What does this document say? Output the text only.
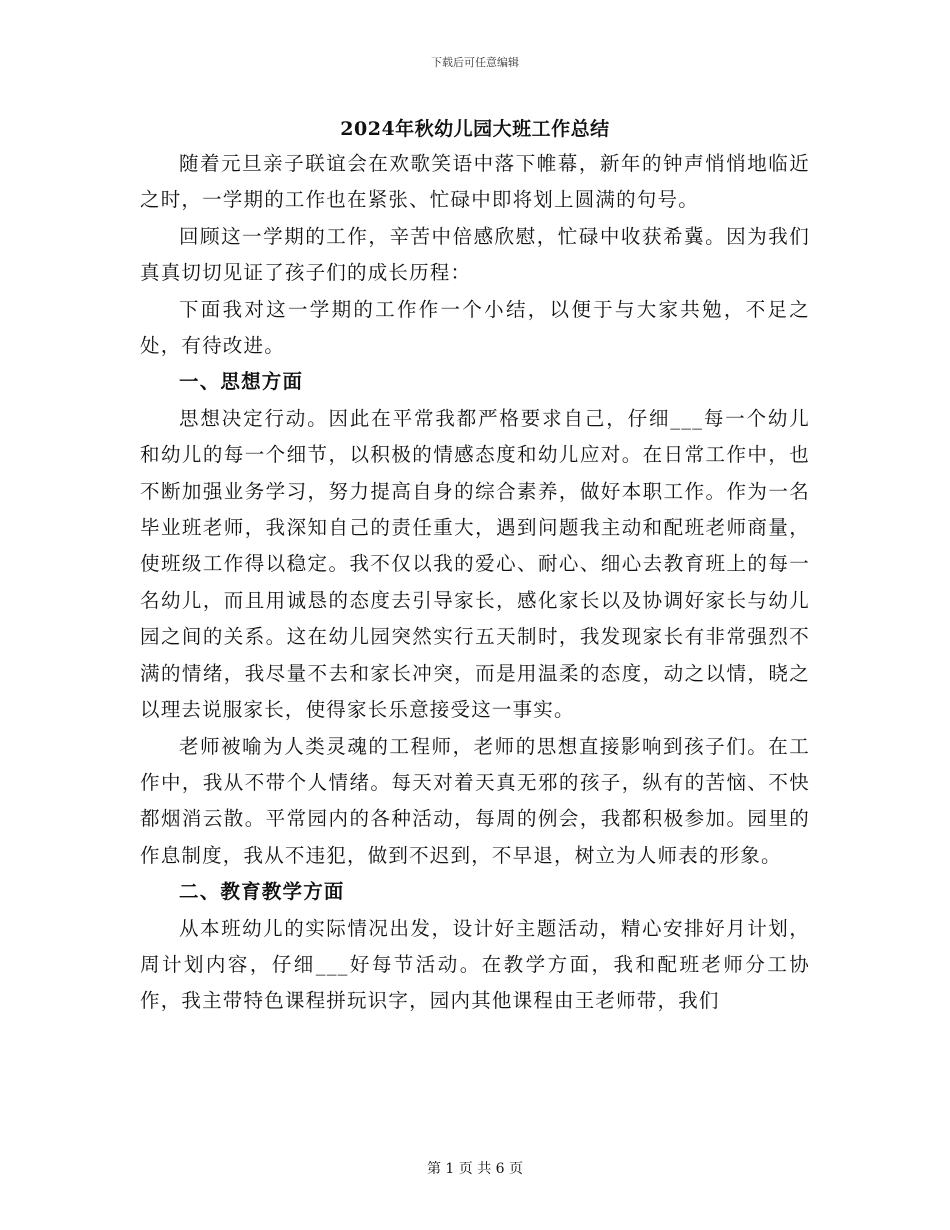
下载后可任意编辑
2024年秋幼儿园大班工作总结

随着元旦亲子联谊会在欢歌笑语中落下帷幕，新年的钟声悄悄地临近之时，一学期的工作也在紧张、忙碌中即将划上圆满的句号。

回顾这一学期的工作，辛苦中倍感欣慰，忙碌中收获希冀。因为我们真真切切见证了孩子们的成长历程：

下面我对这一学期的工作作一个小结，以便于与大家共勉，不足之处，有待改进。

一、思想方面

思想决定行动。因此在平常我都严格要求自己，仔细___每一个幼儿和幼儿的每一个细节，以积极的情感态度和幼儿应对。在日常工作中，也不断加强业务学习，努力提高自身的综合素养，做好本职工作。作为一名毕业班老师，我深知自己的责任重大，遇到问题我主动和配班老师商量，使班级工作得以稳定。我不仅以我的爱心、耐心、细心去教育班上的每一名幼儿，而且用诚恳的态度去引导家长，感化家长以及协调好家长与幼儿园之间的关系。这在幼儿园突然实行五天制时，我发现家长有非常强烈不满的情绪，我尽量不去和家长冲突，而是用温柔的态度，动之以情，晓之以理去说服家长，使得家长乐意接受这一事实。

老师被喻为人类灵魂的工程师，老师的思想直接影响到孩子们。在工作中，我从不带个人情绪。每天对着天真无邪的孩子，纵有的苦恼、不快都烟消云散。平常园内的各种活动，每周的例会，我都积极参加。园里的作息制度，我从不违犯，做到不迟到，不早退，树立为人师表的形象。

二、教育教学方面

从本班幼儿的实际情况出发，设计好主题活动，精心安排好月计划，周计划内容，仔细___好每节活动。在教学方面，我和配班老师分工协作，我主带特色课程拼玩识字，园内其他课程由王老师带，我们

第 1 页 共 6 页
